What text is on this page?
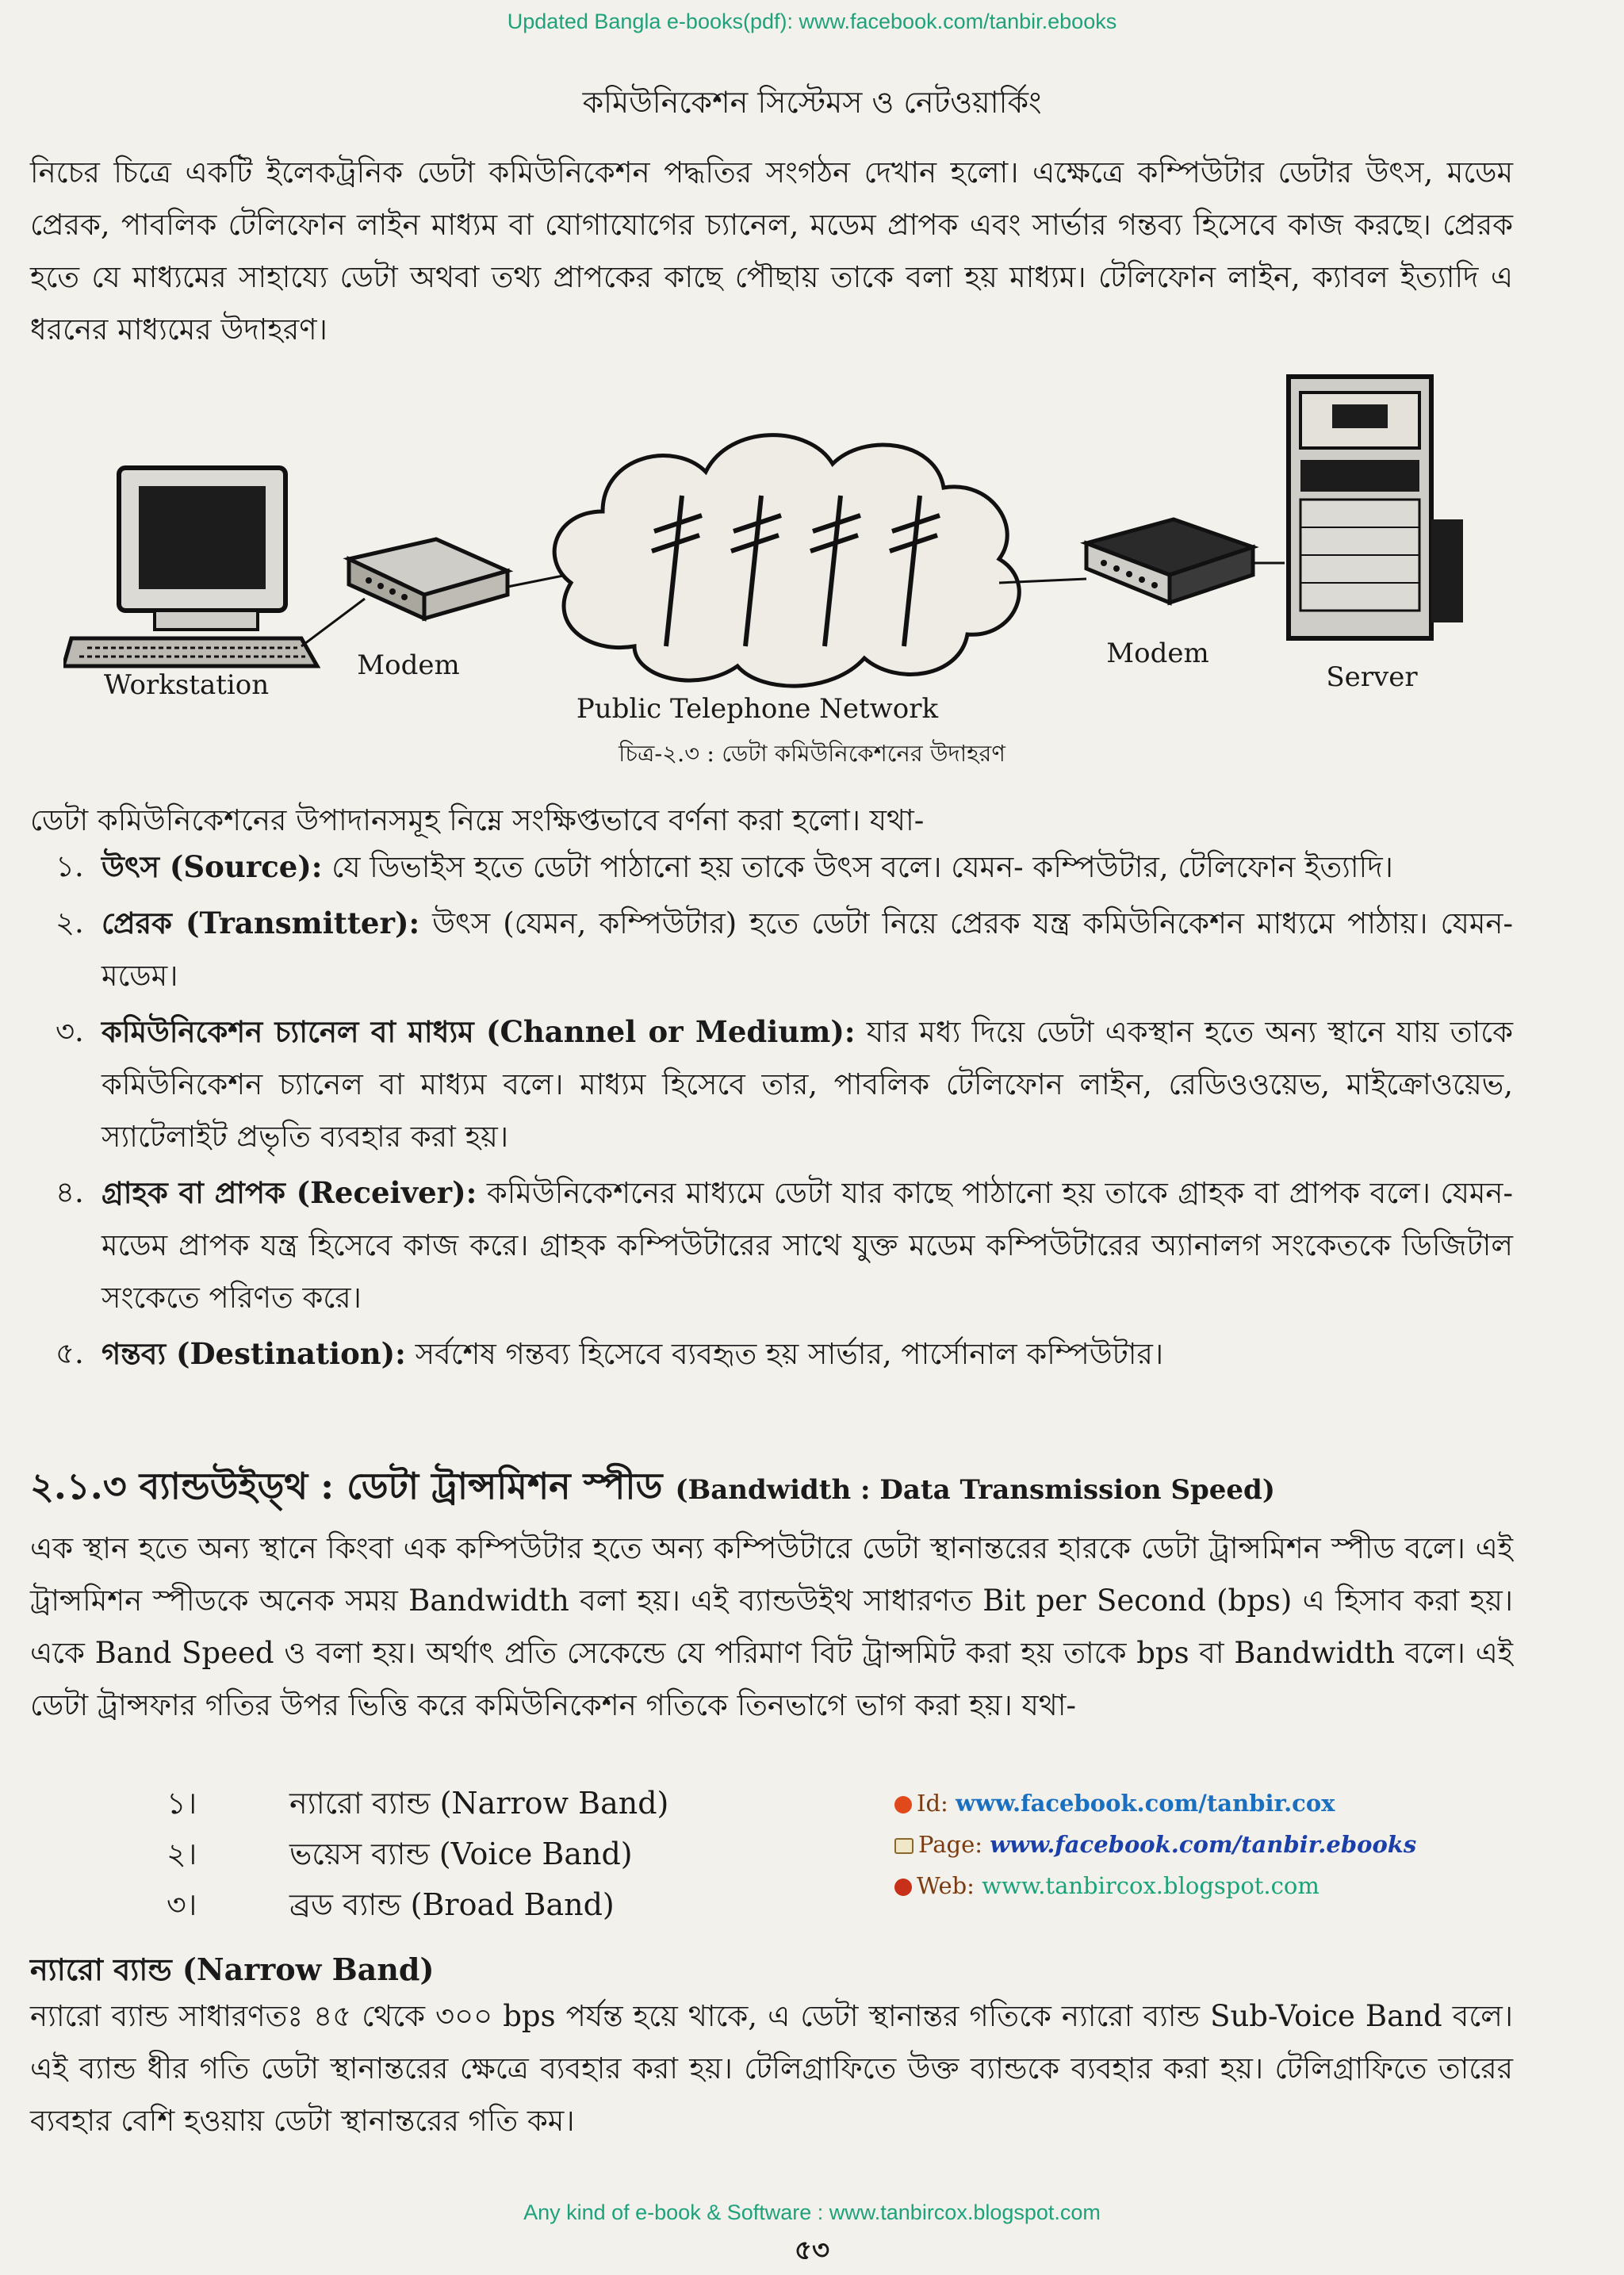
Updated Bangla e-books(pdf): www.facebook.com/tanbir.ebooks
কমিউনিকেশন সিস্টেমস ও নেটওয়ার্কিং
নিচের চিত্রে একটি ইলেকট্রনিক ডেটা কমিউনিকেশন পদ্ধতির সংগঠন দেখান হলো। এক্ষেত্রে কম্পিউটার ডেটার উৎস, মডেম প্রেরক, পাবলিক টেলিফোন লাইন মাধ্যম বা যোগাযোগের চ্যানেল, মডেম প্রাপক এবং সার্ভার গন্তব্য হিসেবে কাজ করছে। প্রেরক হতে যে মাধ্যমের সাহায্যে ডেটা অথবা তথ্য প্রাপকের কাছে পৌছায় তাকে বলা হয় মাধ্যম। টেলিফোন লাইন, ক্যাবল ইত্যাদি এ ধরনের মাধ্যমের উদাহরণ।
Workstation
Modem
Public Telephone Network
Modem
Server
চিত্র-২.৩ : ডেটা কমিউনিকেশনের উদাহরণ
ডেটা কমিউনিকেশনের উপাদানসমূহ নিম্নে সংক্ষিপ্তভাবে বর্ণনা করা হলো। যথা-
১. উৎস (Source): যে ডিভাইস হতে ডেটা পাঠানো হয় তাকে উৎস বলে। যেমন- কম্পিউটার, টেলিফোন ইত্যাদি।
২. প্রেরক (Transmitter): উৎস (যেমন, কম্পিউটার) হতে ডেটা নিয়ে প্রেরক যন্ত্র কমিউনিকেশন মাধ্যমে পাঠায়। যেমন- মডেম।
৩. কমিউনিকেশন চ্যানেল বা মাধ্যম (Channel or Medium): যার মধ্য দিয়ে ডেটা একস্থান হতে অন্য স্থানে যায় তাকে কমিউনিকেশন চ্যানেল বা মাধ্যম বলে। মাধ্যম হিসেবে তার, পাবলিক টেলিফোন লাইন, রেডিওওয়েভ, মাইক্রোওয়েভ, স্যাটেলাইট প্রভৃতি ব্যবহার করা হয়।
৪. গ্রাহক বা প্রাপক (Receiver): কমিউনিকেশনের মাধ্যমে ডেটা যার কাছে পাঠানো হয় তাকে গ্রাহক বা প্রাপক বলে। যেমন-মডেম প্রাপক যন্ত্র হিসেবে কাজ করে। গ্রাহক কম্পিউটারের সাথে যুক্ত মডেম কম্পিউটারের অ্যানালগ সংকেতকে ডিজিটাল সংকেতে পরিণত করে।
৫. গন্তব্য (Destination): সর্বশেষ গন্তব্য হিসেবে ব্যবহৃত হয় সার্ভার, পার্সোনাল কম্পিউটার।
২.১.৩ ব্যান্ডউইড্থ : ডেটা ট্রান্সমিশন স্পীড (Bandwidth : Data Transmission Speed)
এক স্থান হতে অন্য স্থানে কিংবা এক কম্পিউটার হতে অন্য কম্পিউটারে ডেটা স্থানান্তরের হারকে ডেটা ট্রান্সমিশন স্পীড বলে। এই ট্রান্সমিশন স্পীডকে অনেক সময় Bandwidth বলা হয়। এই ব্যান্ডউইথ সাধারণত Bit per Second (bps) এ হিসাব করা হয়। একে Band Speed ও বলা হয়। অর্থাৎ প্রতি সেকেন্ডে যে পরিমাণ বিট ট্রান্সমিট করা হয় তাকে bps বা Bandwidth বলে। এই ডেটা ট্রান্সফার গতির উপর ভিত্তি করে কমিউনিকেশন গতিকে তিনভাগে ভাগ করা হয়। যথা-
১।	ন্যারো ব্যান্ড (Narrow Band)
২।	ভয়েস ব্যান্ড (Voice Band)
৩।	ব্রড ব্যান্ড (Broad Band)
Id: www.facebook.com/tanbir.cox
Page: www.facebook.com/tanbir.ebooks
Web: www.tanbircox.blogspot.com
ন্যারো ব্যান্ড (Narrow Band)
ন্যারো ব্যান্ড সাধারণতঃ ৪৫ থেকে ৩০০ bps পর্যন্ত হয়ে থাকে, এ ডেটা স্থানান্তর গতিকে ন্যারো ব্যান্ড Sub-Voice Band বলে। এই ব্যান্ড ধীর গতি ডেটা স্থানান্তরের ক্ষেত্রে ব্যবহার করা হয়। টেলিগ্রাফিতে উক্ত ব্যান্ডকে ব্যবহার করা হয়। টেলিগ্রাফিতে তারের ব্যবহার বেশি হওয়ায় ডেটা স্থানান্তরের গতি কম।
Any kind of e-book & Software : www.tanbircox.blogspot.com
৫৩
